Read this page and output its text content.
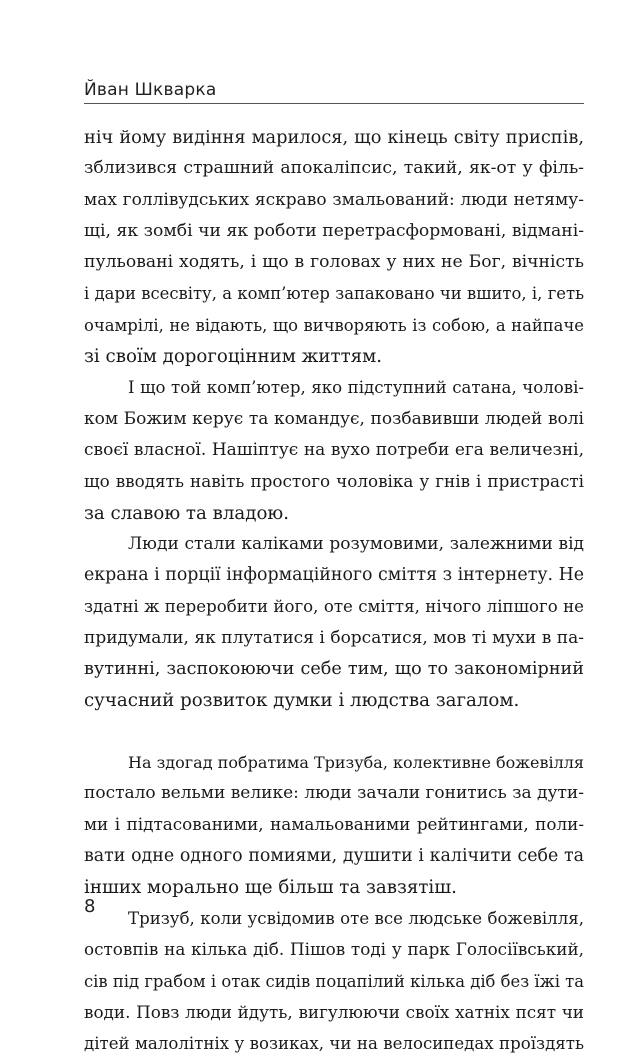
Йван Шкварка
ніч йому видіння марилося, що кінець світу приспів,
зблизився страшний апокаліпсис, такий, як-от у філь-
мах голлівудських яскраво змальований: люди нетяму-
щі, як зомбі чи як роботи перетрасформовані, відмані-
пульовані ходять, і що в головах у них не Бог, вічність
і дари всесвіту, а комп’ютер запаковано чи вшито, і, геть
очамрілі, не відають, що вичворяють із собою, а найпаче
зі своїм дорогоцінним життям.
І що той комп’ютер, яко підступний сатана, чолові-
ком Божим керує та командує, позбавивши людей волі
своєї власної. Нашіптує на вухо потреби ега величезні,
що вводять навіть простого чоловіка у гнів і пристрасті
за славою та владою.
Люди стали каліками розумовими, залежними від
екрана і порції інформаційного сміття з інтернету. Не
здатні ж переробити його, оте сміття, нічого ліпшого не
придумали, як плутатися і борсатися, мов ті мухи в па-
вутинні, заспокоюючи себе тим, що то закономірний
сучасний розвиток думки і людства загалом.
На здогад побратима Тризуба, колективне божевілля
постало вельми велике: люди зачали гонитись за дути-
ми і підтасованими, намальованими рейтингами, поли-
вати одне одного помиями, душити і калічити себе та
інших морально ще більш та завзятіш.
Тризуб, коли усвідомив оте все людське божевілля,
остовпів на кілька діб. Пішов тоді у парк Голосіївський,
сів під грабом і отак сидів поцапілий кілька діб без їжі та
води. Повз люди йдуть, вигулюючи своїх хатніх псят чи
дітей малолітніх у возиках, чи на велосипедах проїздять
8
